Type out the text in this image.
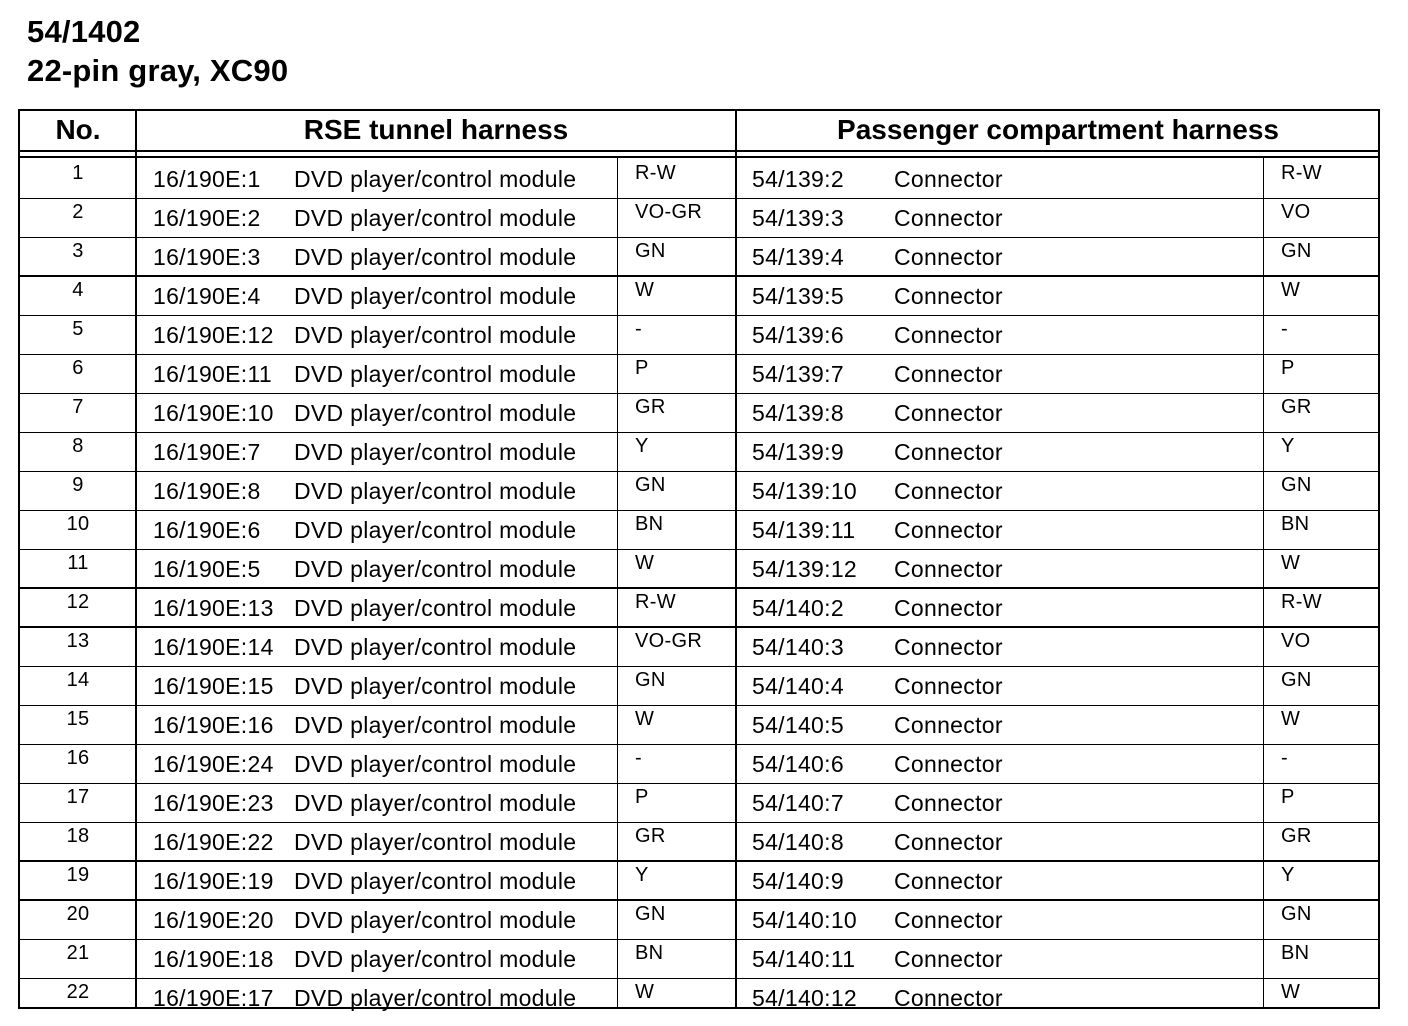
54/1402
22-pin gray, XC90
No.	RSE tunnel harness	Passenger compartment harness
1	16/190E:1 DVD player/control module	R-W	54/139:2 Connector	R-W
2	16/190E:2 DVD player/control module	VO-GR 54/139:3 Connector	VO
3	16/190E:3 DVD player/control module	GN	54/139:4 Connector	GN
4	16/190E:4 DVD player/control module	W	54/139:5 Connector	W
5	16/190E:12 DVD player/control module	-	54/139:6 Connector	-
6	16/190E:11 DVD player/control module	P	54/139:7 Connector	P
7	16/190E:10 DVD player/control module	GR	54/139:8 Connector	GR
8	16/190E:7 DVD player/control module	Y	54/139:9 Connector	Y
9	16/190E:8 DVD player/control module	GN	54/139:10 Connector	GN
10	16/190E:6 DVD player/control module	BN	54/139:11 Connector	BN
11	16/190E:5 DVD player/control module	W	54/139:12 Connector	W
12	16/190E:13 DVD player/control module	R-W	54/140:2 Connector	R-W
13	16/190E:14 DVD player/control module	VO-GR 54/140:3 Connector	VO
14	16/190E:15 DVD player/control module	GN	54/140:4 Connector	GN
15	16/190E:16 DVD player/control module	W	54/140:5 Connector	W
16	16/190E:24 DVD player/control module	-	54/140:6 Connector	-
17	16/190E:23 DVD player/control module	P	54/140:7 Connector	P
18	16/190E:22 DVD player/control module	GR	54/140:8 Connector	GR
19	16/190E:19 DVD player/control module	Y	54/140:9 Connector	Y
20	16/190E:20 DVD player/control module	GN	54/140:10 Connector	GN
21	16/190E:18 DVD player/control module	BN	54/140:11 Connector	BN
22	16/190E:17 DVD player/control module	W	54/140:12 Connector	W
